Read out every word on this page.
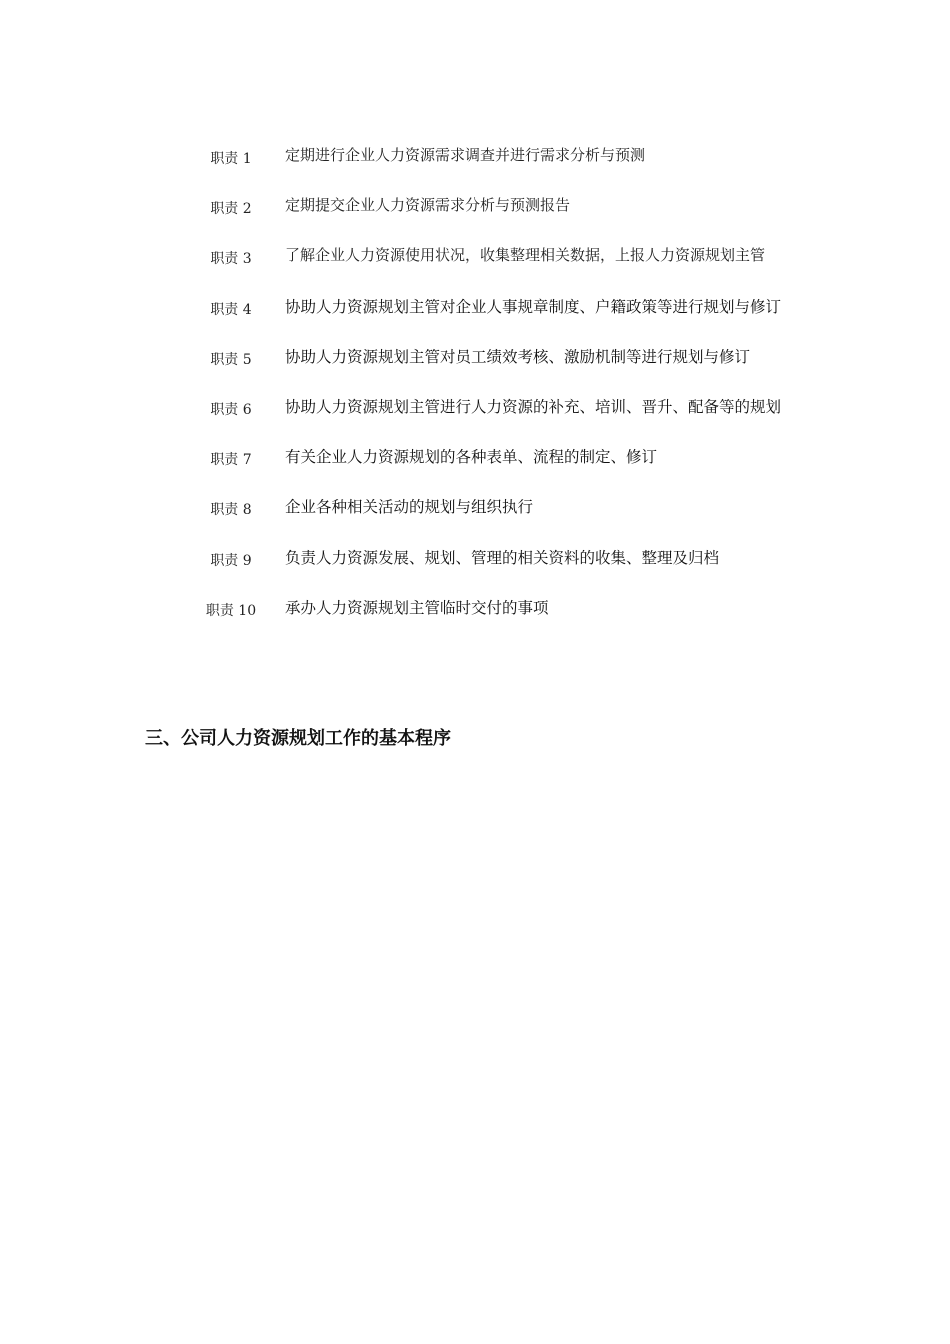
职责 1	定期进行企业人力资源需求调查并进行需求分析与预测
职责 2	定期提交企业人力资源需求分析与预测报告
职责 3	了解企业人力资源使用状况，收集整理相关数据，上报人力资源规划主管
职责 4	协助人力资源规划主管对企业人事规章制度、户籍政策等进行规划与修订
职责 5	协助人力资源规划主管对员工绩效考核、激励机制等进行规划与修订
职责 6	协助人力资源规划主管进行人力资源的补充、培训、晋升、配备等的规划
职责 7	有关企业人力资源规划的各种表单、流程的制定、修订
职责 8	企业各种相关活动的规划与组织执行
职责 9	负责人力资源发展、规划、管理的相关资料的收集、整理及归档
职责 10	承办人力资源规划主管临时交付的事项
三、公司人力资源规划工作的基本程序
